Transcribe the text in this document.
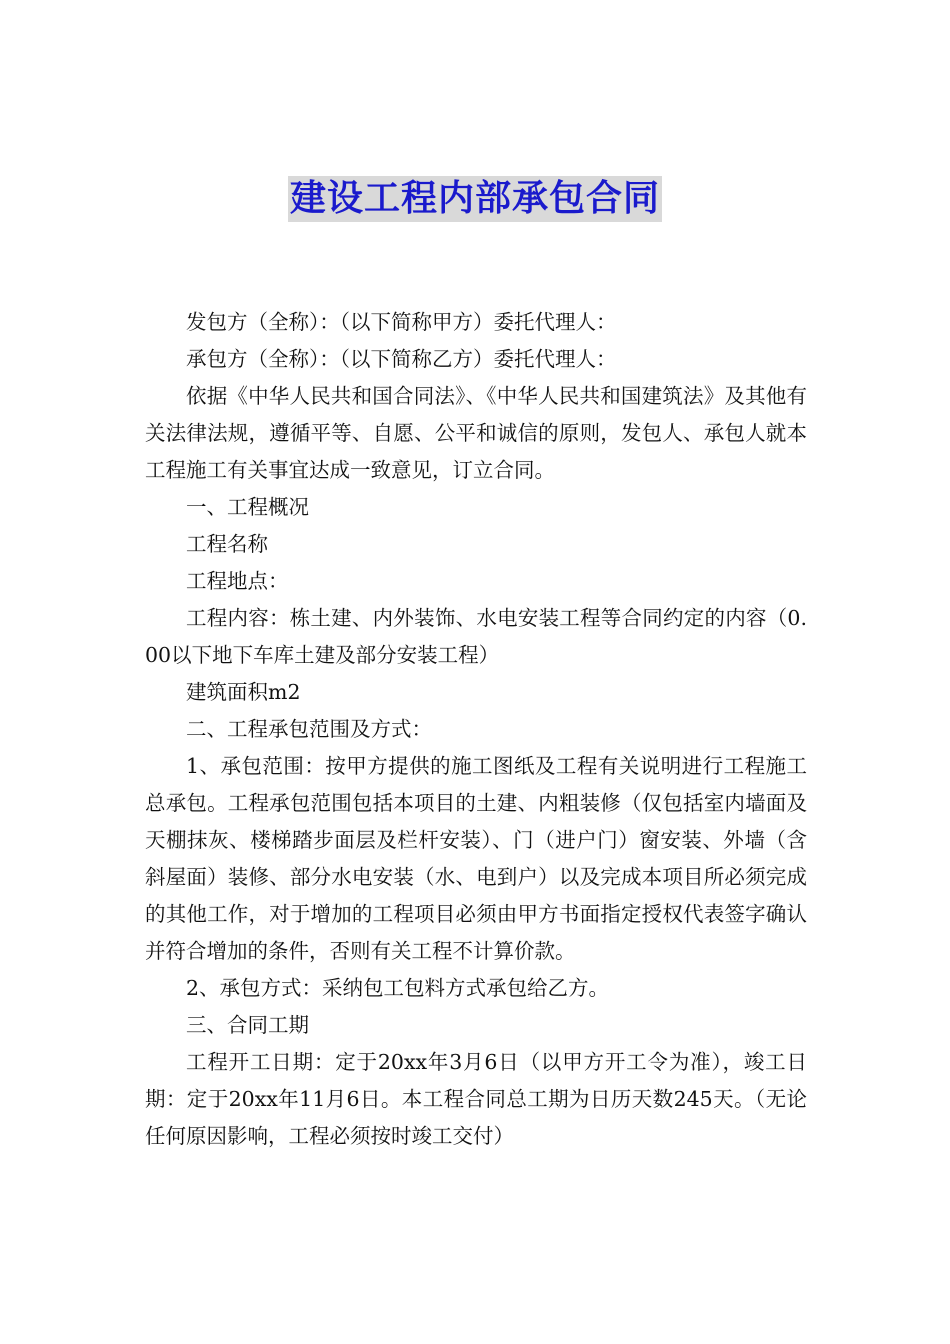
建设工程内部承包合同

发包方（全称）：（以下简称甲方）委托代理人：

承包方（全称）：（以下简称乙方）委托代理人：

依据《中华人民共和国合同法》、《中华人民共和国建筑法》及其他有关法律法规，遵循平等、自愿、公平和诚信的原则，发包人、承包人就本工程施工有关事宜达成一致意见，订立合同。

一、工程概况

工程名称

工程地点：

工程内容：栋土建、内外装饰、水电安装工程等合同约定的内容（0.00以下地下车库土建及部分安装工程）

建筑面积m2

二、工程承包范围及方式：

1、承包范围：按甲方提供的施工图纸及工程有关说明进行工程施工总承包。工程承包范围包括本项目的土建、内粗装修（仅包括室内墙面及天棚抹灰、楼梯踏步面层及栏杆安装）、门（进户门）窗安装、外墙（含斜屋面）装修、部分水电安装（水、电到户）以及完成本项目所必须完成的其他工作，对于增加的工程项目必须由甲方书面指定授权代表签字确认并符合增加的条件，否则有关工程不计算价款。

2、承包方式：采纳包工包料方式承包给乙方。

三、合同工期

工程开工日期：定于20xx年3月6日（以甲方开工令为准），竣工日期：定于20xx年11月6日。本工程合同总工期为日历天数245天。（无论任何原因影响，工程必须按时竣工交付）
